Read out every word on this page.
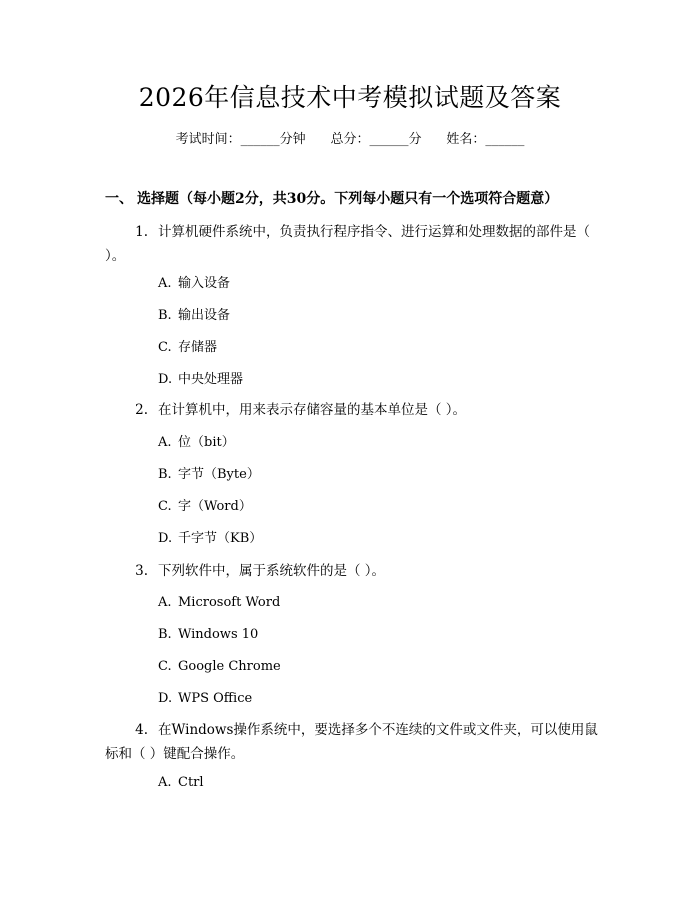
2026年信息技术中考模拟试题及答案
考试时间：______分钟 总分：______分 姓名：______
一、 选择题（每小题2分，共30分。下列每小题只有一个选项符合题意）
1. 计算机硬件系统中，负责执行程序指令、进行运算和处理数据的部件是（ ）。
A. 输入设备
B. 输出设备
C. 存储器
D. 中央处理器
2. 在计算机中，用来表示存储容量的基本单位是（ ）。
A. 位（bit）
B. 字节（Byte）
C. 字（Word）
D. 千字节（KB）
3. 下列软件中，属于系统软件的是（ ）。
A. Microsoft Word
B. Windows 10
C. Google Chrome
D. WPS Office
4. 在Windows操作系统中，要选择多个不连续的文件或文件夹，可以使用鼠标和（ ）键配合操作。
A. Ctrl
